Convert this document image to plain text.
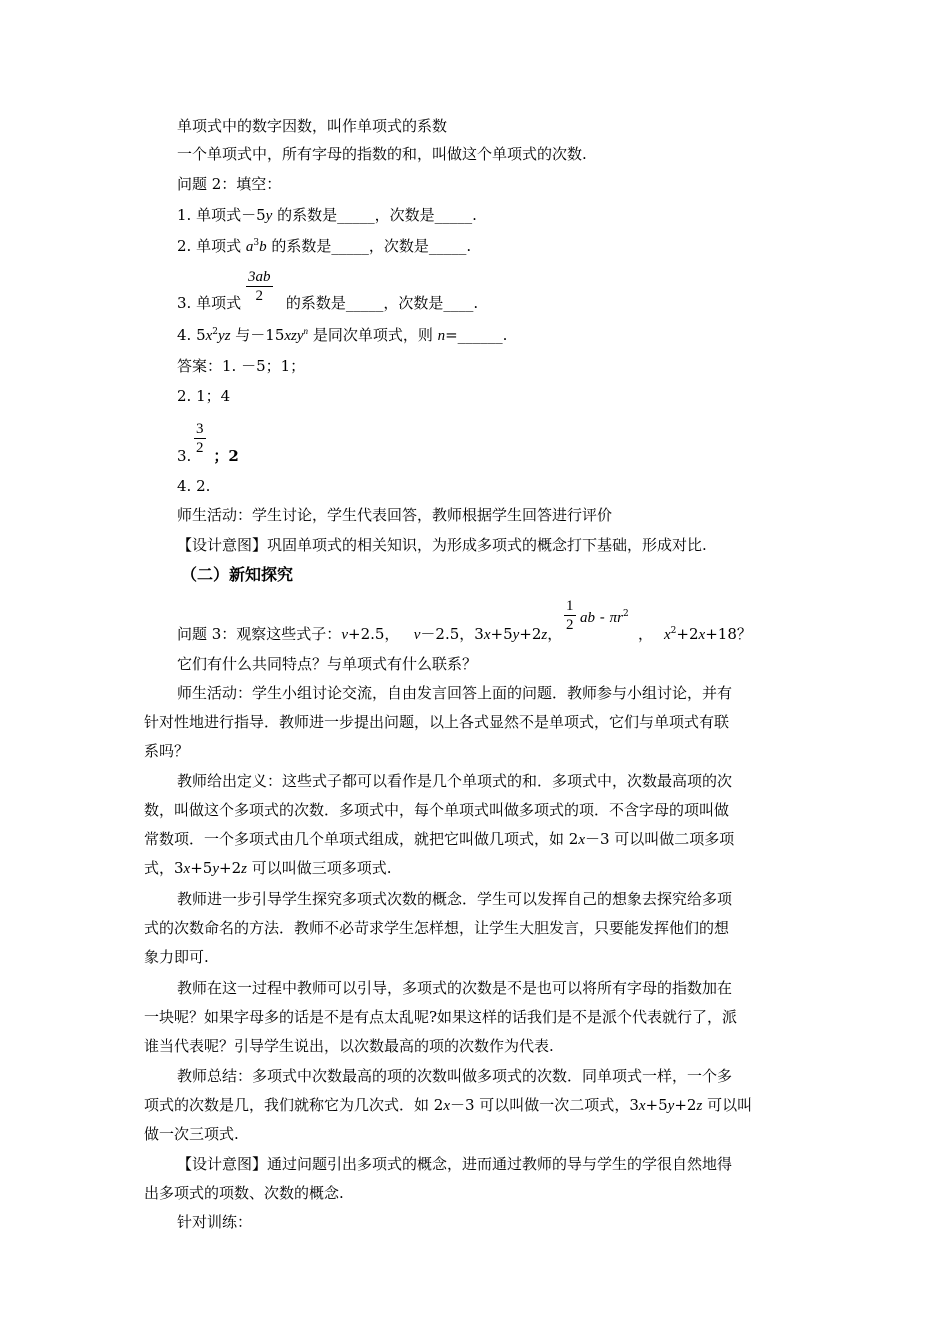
单项式中的数字因数，叫作单项式的系数
一个单项式中，所有字母的指数的和，叫做这个单项式的次数.
问题 2：填空：
1. 单项式－5y 的系数是_____，次数是_____.
2. 单项式 $a^3b$ 的系数是_____，次数是_____.
3. 单项式	的系数是_____，次数是____.
$\frac{3ab}{2}$
4. $5x^2yz$ 与－15xzy$^n$ 是同次单项式，则 n=______.
答案：1. －5；1；
2. 1；4
3. ；2
$\frac{3}{2}$
4. 2.
师生活动：学生讨论，学生代表回答，教师根据学生回答进行评价
【设计意图】巩固单项式的相关知识，为形成多项式的概念打下基础，形成对比.
（二）新知探究
问题 3：观察这些式子：v+2.5， v－2.5，3x+5y+2z， $\frac{1}{2}$ ab - $\pi r^2$
， $x^2+2x+18$？
它们有什么共同特点？与单项式有什么联系？
师生活动：学生小组讨论交流，自由发言回答上面的问题．教师参与小组讨论，并有
针对性地进行指导．教师进一步提出问题，以上各式显然不是单项式，它们与单项式有联
系吗？
教师给出定义：这些式子都可以看作是几个单项式的和．多项式中，次数最高项的次
数，叫做这个多项式的次数．多项式中，每个单项式叫做多项式的项．不含字母的项叫做
常数项．一个多项式由几个单项式组成，就把它叫做几项式，如 2x－3 可以叫做二项多项
式，3x+5y+2z 可以叫做三项多项式.
教师进一步引导学生探究多项式次数的概念．学生可以发挥自己的想象去探究给多项
式的次数命名的方法．教师不必苛求学生怎样想，让学生大胆发言，只要能发挥他们的想
象力即可.
教师在这一过程中教师可以引导，多项式的次数是不是也可以将所有字母的指数加在
一块呢？如果字母多的话是不是有点太乱呢?如果这样的话我们是不是派个代表就行了，派
谁当代表呢？引导学生说出，以次数最高的项的次数作为代表.
教师总结：多项式中次数最高的项的次数叫做多项式的次数．同单项式一样，一个多
项式的次数是几，我们就称它为几次式．如 2x－3 可以叫做一次二项式，3x+5y+2z 可以叫
做一次三项式.
【设计意图】通过问题引出多项式的概念，进而通过教师的导与学生的学很自然地得
出多项式的项数、次数的概念.
针对训练：
